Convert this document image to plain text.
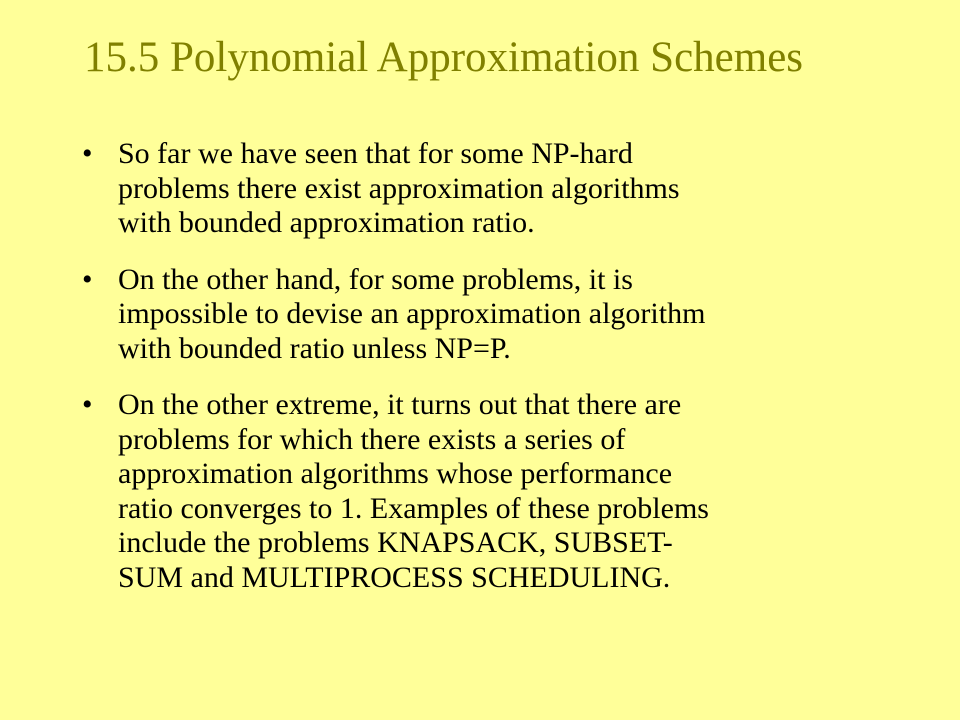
15.5 Polynomial Approximation Schemes
• So far we have seen that for some NP-hard
problems there exist approximation algorithms
with bounded approximation ratio.
• On the other hand, for some problems, it is
impossible to devise an approximation algorithm
with bounded ratio unless NP=P.
• On the other extreme, it turns out that there are
problems for which there exists a series of
approximation algorithms whose performance
ratio converges to 1. Examples of these problems
include the problems KNAPSACK, SUBSET-
SUM and MULTIPROCESS SCHEDULING.
